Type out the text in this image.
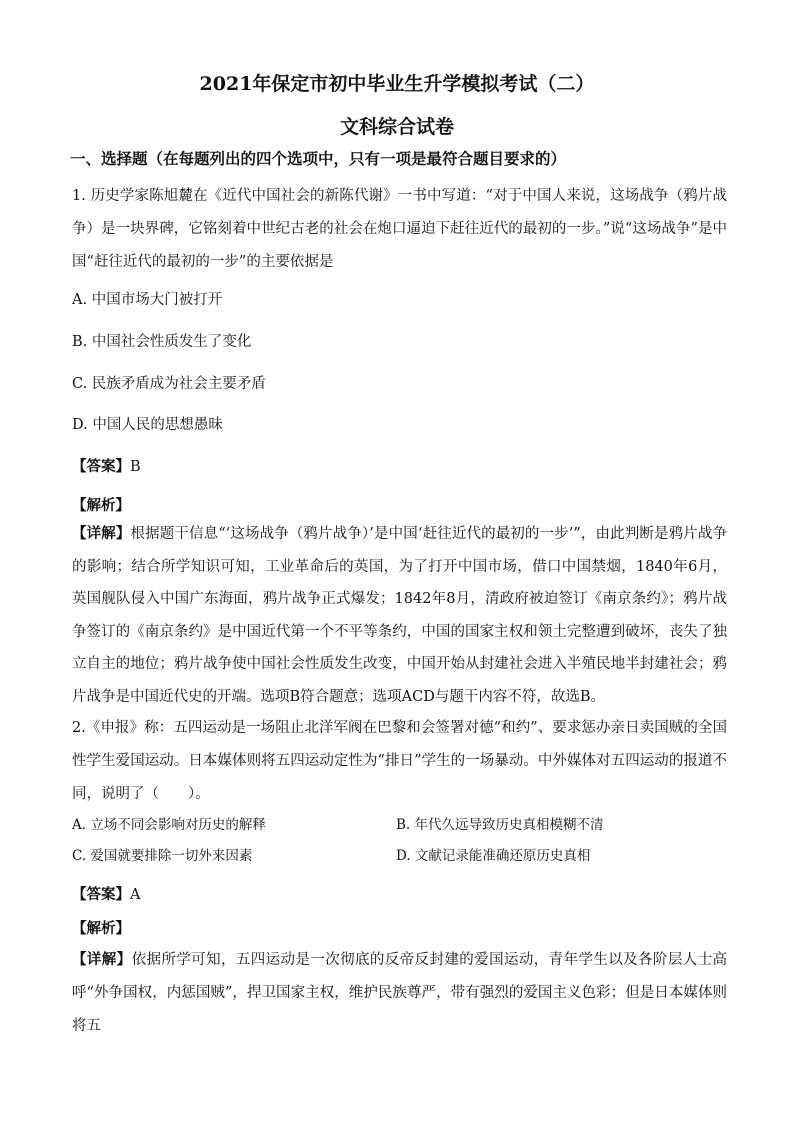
2021年保定市初中毕业生升学模拟考试（二）
文科综合试卷
一、选择题（在每题列出的四个选项中，只有一项是最符合题目要求的）
1. 历史学家陈旭麓在《近代中国社会的新陈代谢》一书中写道：“对于中国人来说，这场战争（鸦片战争）是一块界碑，它铭刻着中世纪古老的社会在炮口逼迫下赶往近代的最初的一步。”说“这场战争”是中国“赶往近代的最初的一步”的主要依据是
A. 中国市场大门被打开
B. 中国社会性质发生了变化
C. 民族矛盾成为社会主要矛盾
D. 中国人民的思想愚昧
【答案】B
【解析】
【详解】根据题干信息“‘这场战争（鸦片战争）’是中国‘赶往近代的最初的一步’”，由此判断是鸦片战争的影响；结合所学知识可知，工业革命后的英国，为了打开中国市场，借口中国禁烟，1840年6月，英国舰队侵入中国广东海面，鸦片战争正式爆发；1842年8月，清政府被迫签订《南京条约》；鸦片战争签订的《南京条约》是中国近代第一个不平等条约，中国的国家主权和领土完整遭到破坏，丧失了独立自主的地位；鸦片战争使中国社会性质发生改变，中国开始从封建社会进入半殖民地半封建社会；鸦片战争是中国近代史的开端。选项B符合题意；选项ACD与题干内容不符，故选B。
2.《申报》称：五四运动是一场阻止北洋军阀在巴黎和会签署对德“和约”、要求惩办亲日卖国贼的全国性学生爱国运动。日本媒体则将五四运动定性为“排日”学生的一场暴动。中外媒体对五四运动的报道不同，说明了（　　）。
A. 立场不同会影响对历史的解释	B. 年代久远导致历史真相模糊不清
C. 爱国就要排除一切外来因素	D. 文献记录能准确还原历史真相
【答案】A
【解析】
【详解】依据所学可知，五四运动是一次彻底的反帝反封建的爱国运动，青年学生以及各阶层人士高呼“外争国权，内惩国贼”，捍卫国家主权，维护民族尊严，带有强烈的爱国主义色彩；但是日本媒体则将五
